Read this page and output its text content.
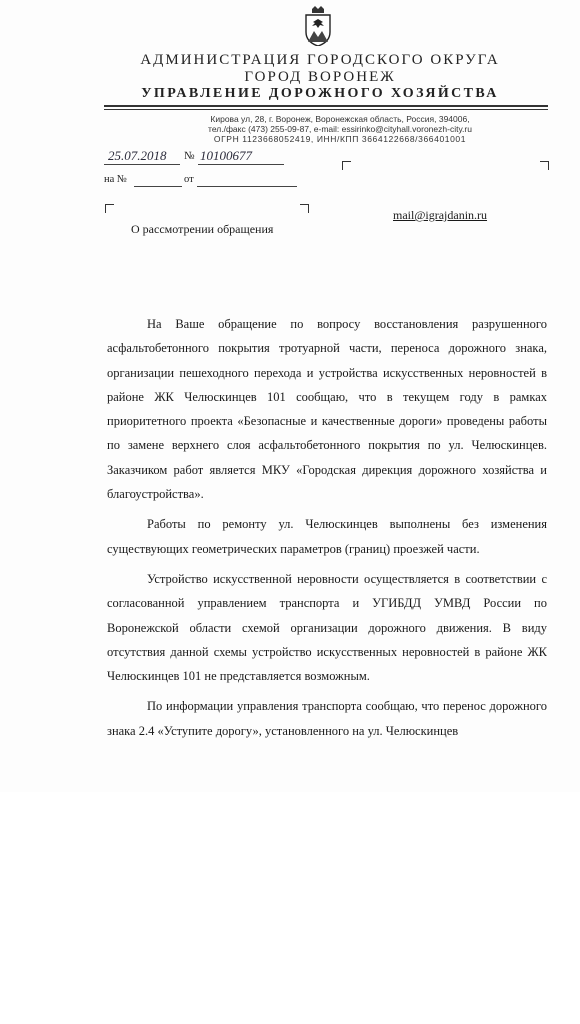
АДМИНИСТРАЦИЯ ГОРОДСКОГО ОКРУГА
ГОРОД ВОРОНЕЖ
УПРАВЛЕНИЕ ДОРОЖНОГО ХОЗЯЙСТВА
Кирова ул, 28, г. Воронеж, Воронежская область, Россия, 394006,
тел./факс (473) 255-09-87, e-mail: essirinko@cityhall.voronezh-city.ru
ОГРН 1123668052419, ИНН/КПП 3664122668/366401001
25.07.2018 № 10100677
на №	от
О рассмотрении обращения
mail@igrajdanin.ru

На Ваше обращение по вопросу восстановления разрушенного асфальтобетонного покрытия тротуарной части, переноса дорожного знака, организации пешеходного перехода и устройства искусственных неровностей в районе ЖК Челюскинцев 101 сообщаю, что в текущем году в рамках приоритетного проекта «Безопасные и качественные дороги» проведены работы по замене верхнего слоя асфальтобетонного покрытия по ул. Челюскинцев. Заказчиком работ является МКУ «Городская дирекция дорожного хозяйства и благоустройства».

Работы по ремонту ул. Челюскинцев выполнены без изменения существующих геометрических параметров (границ) проезжей части.

Устройство искусственной неровности осуществляется в соответствии с согласованной управлением транспорта и УГИБДД УМВД России по Воронежской области схемой организации дорожного движения. В виду отсутствия данной схемы устройство искусственных неровностей в районе ЖК Челюскинцев 101 не представляется возможным.

По информации управления транспорта сообщаю, что перенос дорожного знака 2.4 «Уступите дорогу», установленного на ул. Челюскинцев
